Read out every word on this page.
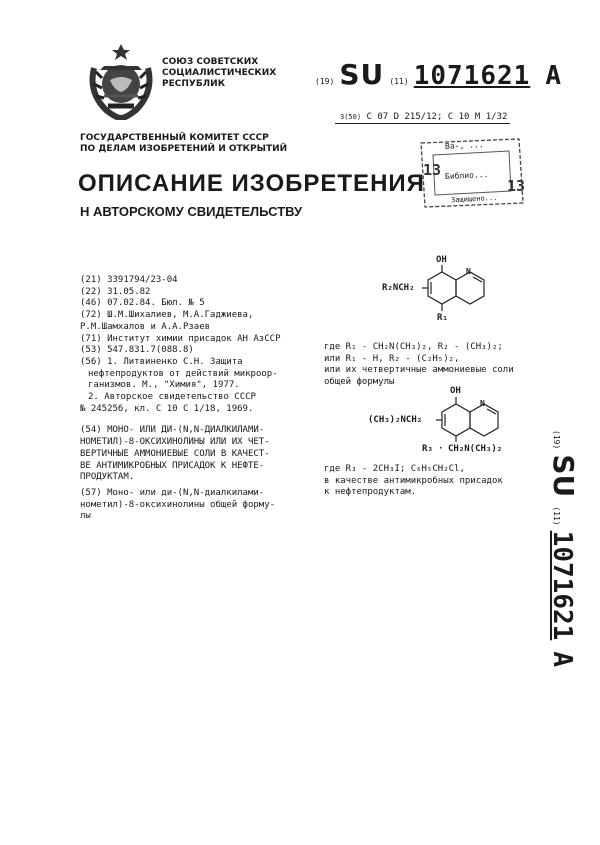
СОЮЗ СОВЕТСКИХ
СОЦИАЛИСТИЧЕСКИХ
РЕСПУБЛИК	(19) SU (11) 1071621 A
3(50) С 07 D 215/12; С 10 M 1/32
ГОСУДАРСТВЕННЫЙ КОМИТЕТ СССР
ПО ДЕЛАМ ИЗОБРЕТЕНИЙ И ОТКРЫТИЙ	Ва-, ...
13
13
Библио...
Защищено...
ОПИСАНИЕ ИЗОБРЕТЕНИЯ
Н АВТОРСКОМУ СВИДЕТЕЛЬСТВУ
(21) 3391794/23-04
(22) 31.05.82
(46) 07.02.84. Бюл. № 5
(72) Ш.М.Шихалиев, М.А.Гаджиева,
Р.М.Шамхалов и А.А.Рзаев
(71) Институт химии присадок АН АзССР
(53) 547.831.7(088.8)
(56) 1. Литвиненко С.Н. Защита
нефтепродуктов от действий микроор-
ганизмов. М., "Химия", 1977.
2. Авторское свидетельство СССР
№ 245256, кл. С 10 С 1/18, 1969.
(54) МОНО- ИЛИ ДИ-(N,N-ДИАЛКИЛАМИ-
НОМЕТИЛ)-8-ОКСИХИНОЛИНЫ ИЛИ ИХ ЧЕТ-
ВЕРТИЧНЫЕ АММОНИЕВЫЕ СОЛИ В КАЧЕСТ-
ВЕ АНТИМИКРОБНЫХ ПРИСАДОК К НЕФТЕ-
ПРОДУКТАМ.
(57) Моно- или ди-(N,N-диалкилами-
нометил)-8-оксихинолины общей форму-
лы
OH
N
R₂NCH₂
R₁
где R₁ - CH₂N(CH₃)₂, R₂ - (CH₃)₂;
или R₁ - H, R₂ - (C₂H₅)₂,
или их четвертичные аммониевые соли
общей формулы
OH
N
(CH₃)₂NCH₂
R₃ · CH₂N(CH₃)₂
где R₃ - 2CH₃I; C₆H₅CH₂Cl,
в качестве антимикробных присадок
к нефтепродуктам.
(19) SU (11) 1071621 A
